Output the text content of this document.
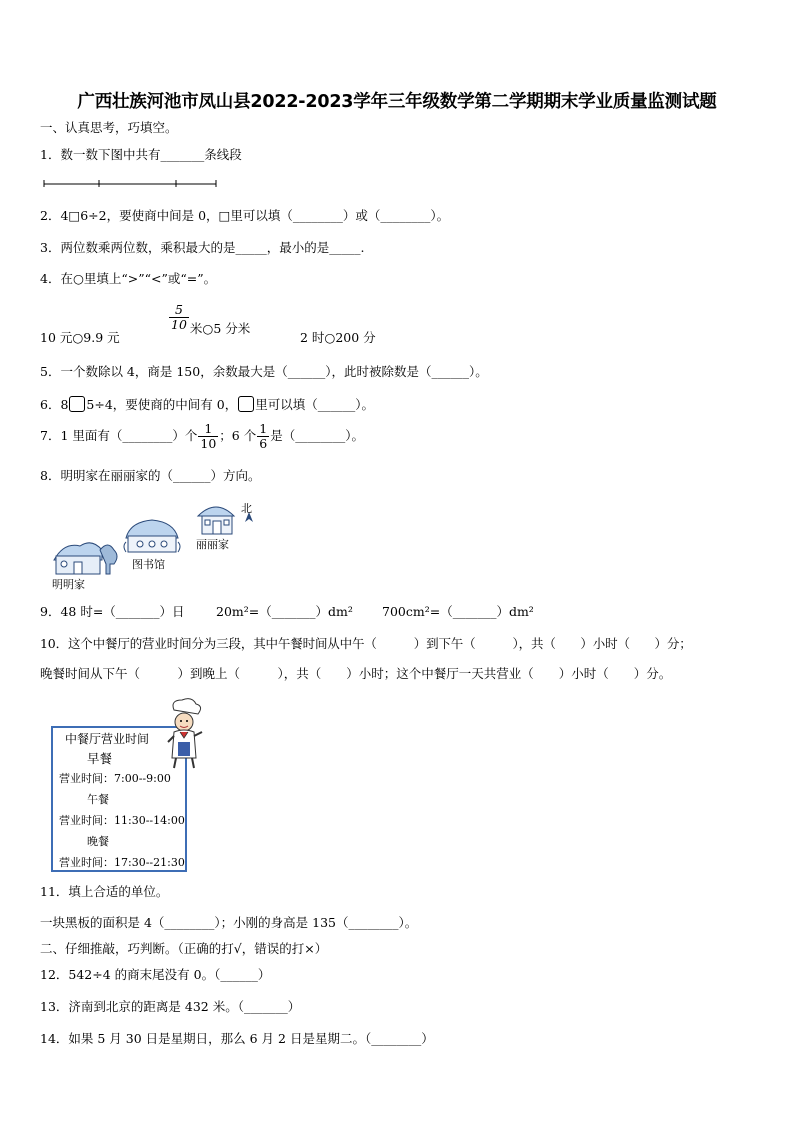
广西壮族河池市凤山县2022-2023学年三年级数学第二学期期末学业质量监测试题
一、认真思考，巧填空。
1．数一数下图中共有_______条线段
2．4□6÷2，要使商中间是 0，□里可以填（________）或（________）。
3．两位数乘两位数，乘积最大的是_____，最小的是_____.
4．在○里填上“>”“<”或“=”。
10 元○9.9 元
$\frac{5}{10}$ 米○5 分米
2 时○200 分
5．一个数除以 4，商是 150，余数最大是（______），此时被除数是（______）。
6．8 5÷4，要使商的中间有 0， 里可以填（______）。
7．1 里面有（________）个 $\frac{1}{10}$ ；6 个 $\frac{1}{6}$ 是（________）。
8．明明家在丽丽家的（______）方向。
北
丽丽家
图书馆
明明家
9．48 时=（_______）日	20m²=（_______）dm² 700cm²=（_______）dm²
10．这个中餐厅的营业时间分为三段，其中午餐时间从中午（　　　）到下午（　　　），共（　　）小时（　　）分；
晚餐时间从下午（　　　）到晚上（　　　），共（　　）小时；这个中餐厅一天共营业（　　）小时（　　）分。
中餐厅营业时间
早餐
营业时间：7:00--9:00
午餐
营业时间：11:30--14:00
晚餐
营业时间：17:30--21:30
11．填上合适的单位。
一块黑板的面积是 4（________）；小刚的身高是 135（________）。
二、仔细推敲，巧判断。（正确的打√，错误的打×）
12．542÷4 的商末尾没有 0。（______）
13．济南到北京的距离是 432 米。（_______）
14．如果 5 月 30 日是星期日，那么 6 月 2 日是星期二。（________）
